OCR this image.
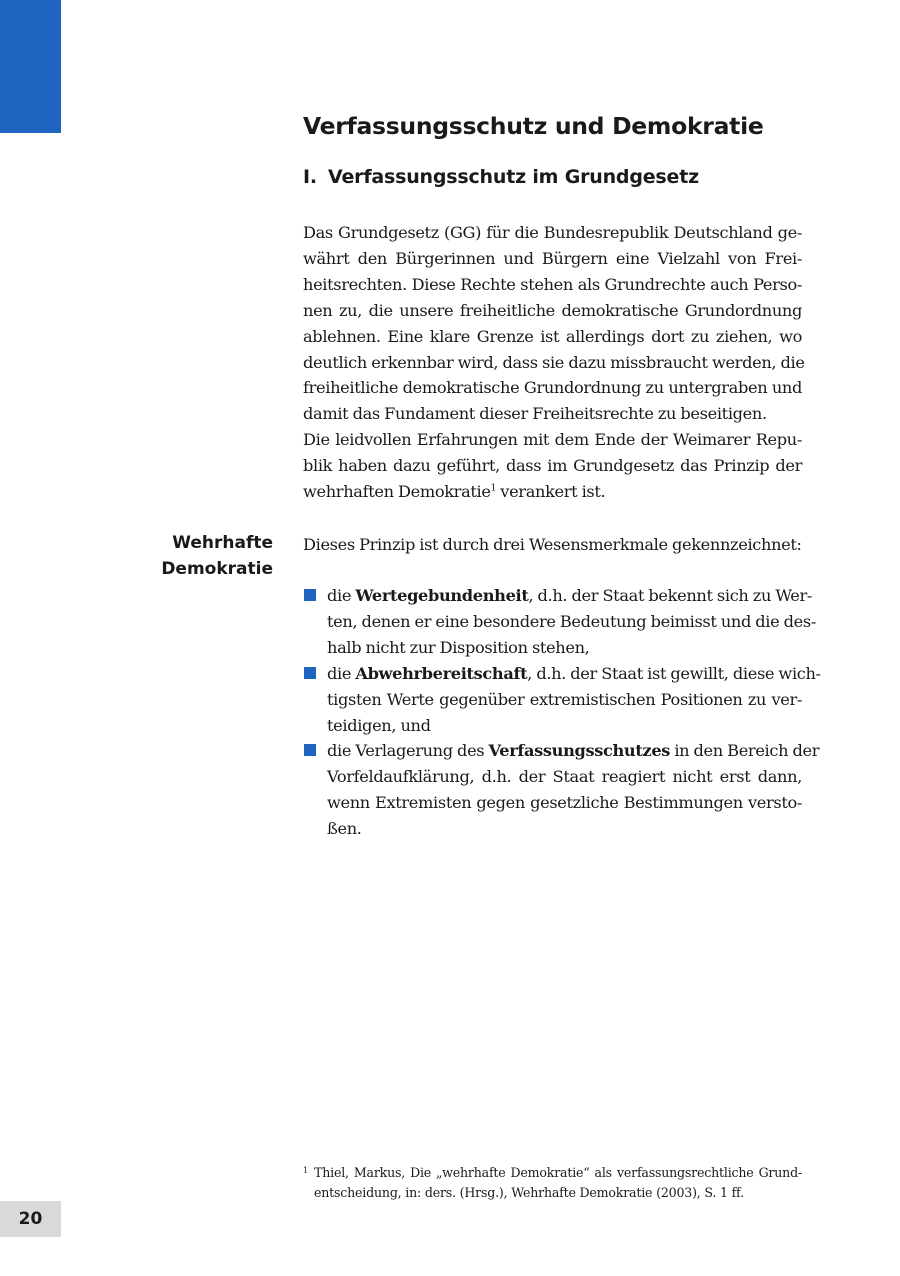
Verfassungsschutz und Demokratie
I. Verfassungsschutz im Grundgesetz
Das Grundgesetz (GG) für die Bundesrepublik Deutschland ge-
währt den Bürgerinnen und Bürgern eine Vielzahl von Frei-
heitsrechten. Diese Rechte stehen als Grundrechte auch Perso-
nen zu, die unsere freiheitliche demokratische Grundordnung
ablehnen. Eine klare Grenze ist allerdings dort zu ziehen, wo
deutlich erkennbar wird, dass sie dazu missbraucht werden, die
freiheitliche demokratische Grundordnung zu untergraben und
damit das Fundament dieser Freiheitsrechte zu beseitigen.
Die leidvollen Erfahrungen mit dem Ende der Weimarer Repu-
blik haben dazu geführt, dass im Grundgesetz das Prinzip der
wehrhaften Demokratie$^1$ verankert ist.
Wehrhafte
Demokratie
Dieses Prinzip ist durch drei Wesensmerkmale gekennzeichnet:
die Wertegebundenheit, d.h. der Staat bekennt sich zu Wer-
ten, denen er eine besondere Bedeutung beimisst und die des-
halb nicht zur Disposition stehen,
die Abwehrbereitschaft, d.h. der Staat ist gewillt, diese wich-
tigsten Werte gegenüber extremistischen Positionen zu ver-
teidigen, und
die Verlagerung des Verfassungsschutzes in den Bereich der
Vorfeldaufklärung, d.h. der Staat reagiert nicht erst dann,
wenn Extremisten gegen gesetzliche Bestimmungen versto-
ßen.
1 Thiel, Markus, Die „wehrhafte Demokratie“ als verfassungsrechtliche Grund-
entscheidung, in: ders. (Hrsg.), Wehrhafte Demokratie (2003), S. 1 ff.
20
